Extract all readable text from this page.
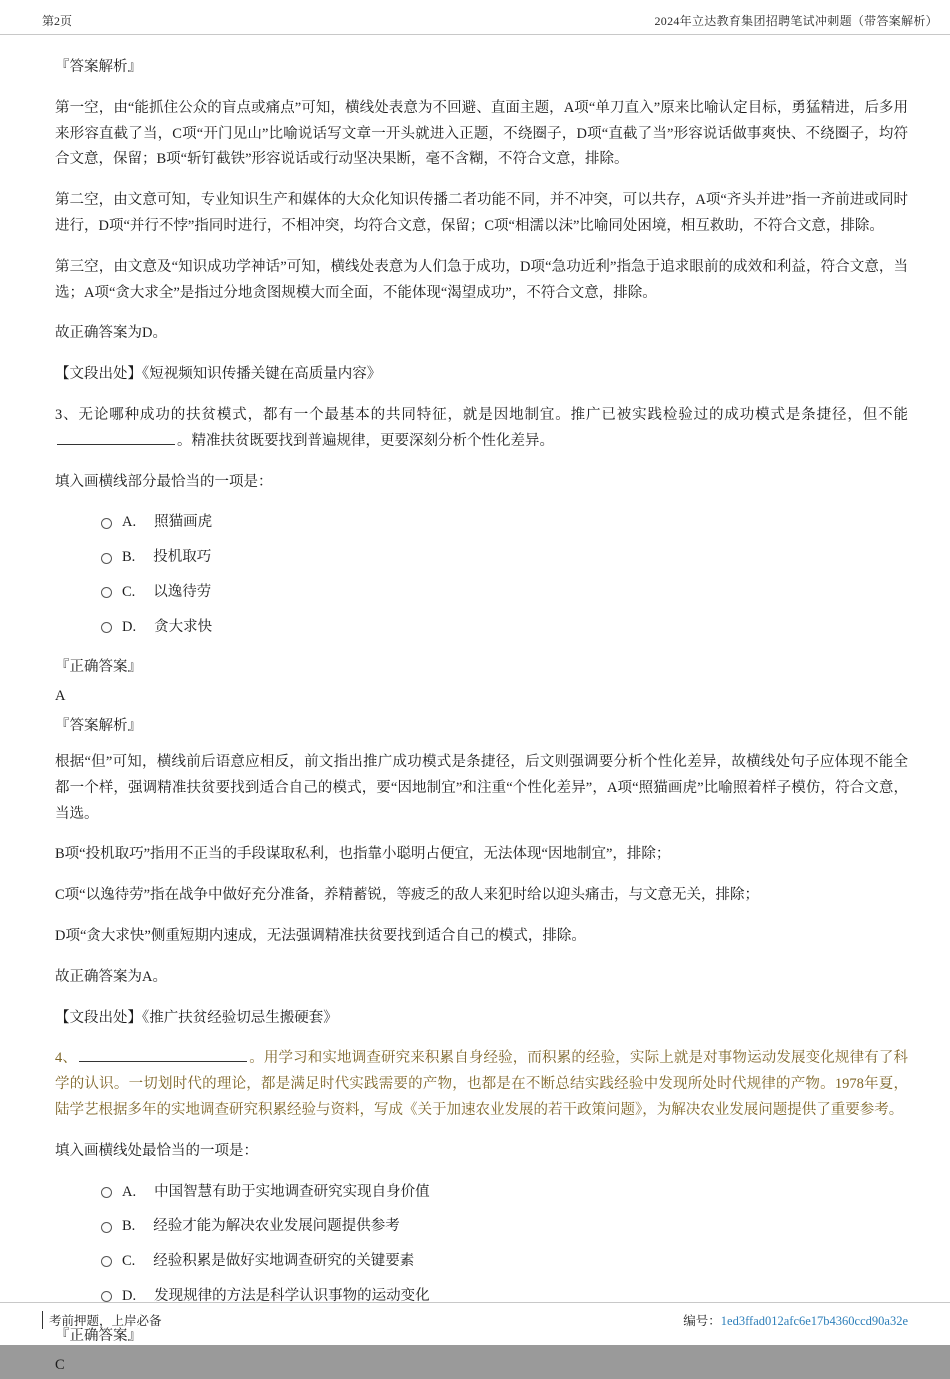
第2页	2024年立达教育集团招聘笔试冲刺题（带答案解析）

『答案解析』

第一空，由“能抓住公众的盲点或痛点”可知，横线处表意为不回避、直面主题，A项“单刀直入”原来比喻认定目标，勇猛精进，后多用来形容直截了当，C项“开门见山”比喻说话写文章一开头就进入正题，不绕圈子，D项“直截了当”形容说话做事爽快、不绕圈子，均符合文意，保留；B项“斩钉截铁”形容说话或行动坚决果断，毫不含糊，不符合文意，排除。

第二空，由文意可知，专业知识生产和媒体的大众化知识传播二者功能不同，并不冲突，可以共存，A项“齐头并进”指一齐前进或同时进行，D项“并行不悖”指同时进行，不相冲突，均符合文意，保留；C项“相濡以沫”比喻同处困境，相互救助，不符合文意，排除。

第三空，由文意及“知识成功学神话”可知，横线处表意为人们急于成功，D项“急功近利”指急于追求眼前的成效和利益，符合文意，当选；A项“贪大求全”是指过分地贪图规模大而全面，不能体现“渴望成功”，不符合文意，排除。

故正确答案为D。

【文段出处】《短视频知识传播关键在高质量内容》

3、无论哪种成功的扶贫模式，都有一个最基本的共同特征，就是因地制宜。推广已被实践检验过的成功模式是条捷径，但不能。精准扶贫既要找到普遍规律，更要深刻分析个性化差异。

填入画横线部分最恰当的一项是：

A. 照猫画虎
B. 投机取巧
C. 以逸待劳
D. 贪大求快

『正确答案』

A

『答案解析』

根据“但”可知，横线前后语意应相反，前文指出推广成功模式是条捷径，后文则强调要分析个性化差异，故横线处句子应体现不能全都一个样，强调精准扶贫要找到适合自己的模式，要“因地制宜”和注重“个性化差异”，A项“照猫画虎”比喻照着样子模仿，符合文意，当选。

B项“投机取巧”指用不正当的手段谋取私利，也指靠小聪明占便宜，无法体现“因地制宜”，排除；

C项“以逸待劳”指在战争中做好充分准备，养精蓄锐，等疲乏的敌人来犯时给以迎头痛击，与文意无关，排除；

D项“贪大求快”侧重短期内速成，无法强调精准扶贫要找到适合自己的模式，排除。

故正确答案为A。

【文段出处】《推广扶贫经验切忌生搬硬套》

4、	。用学习和实地调查研究来积累自身经验，而积累的经验，实际上就是对事物运动发展变化规律有了科学的认识。一切划时代的理论，都是满足时代实践需要的产物，也都是在不断总结实践经验中发现所处时代规律的产物。1978年夏，陆学艺根据多年的实地调查研究积累经验与资料，写成《关于加速农业发展的若干政策问题》，为解决农业发展问题提供了重要参考。

填入画横线处最恰当的一项是：

A. 中国智慧有助于实地调查研究实现自身价值
B. 经验才能为解决农业发展问题提供参考
C. 经验积累是做好实地调查研究的关键要素
D. 发现规律的方法是科学认识事物的运动变化

『正确答案』

C

考前押题，上岸必备	编号：1ed3ffad012afc6e17b4360ccd90a32e
